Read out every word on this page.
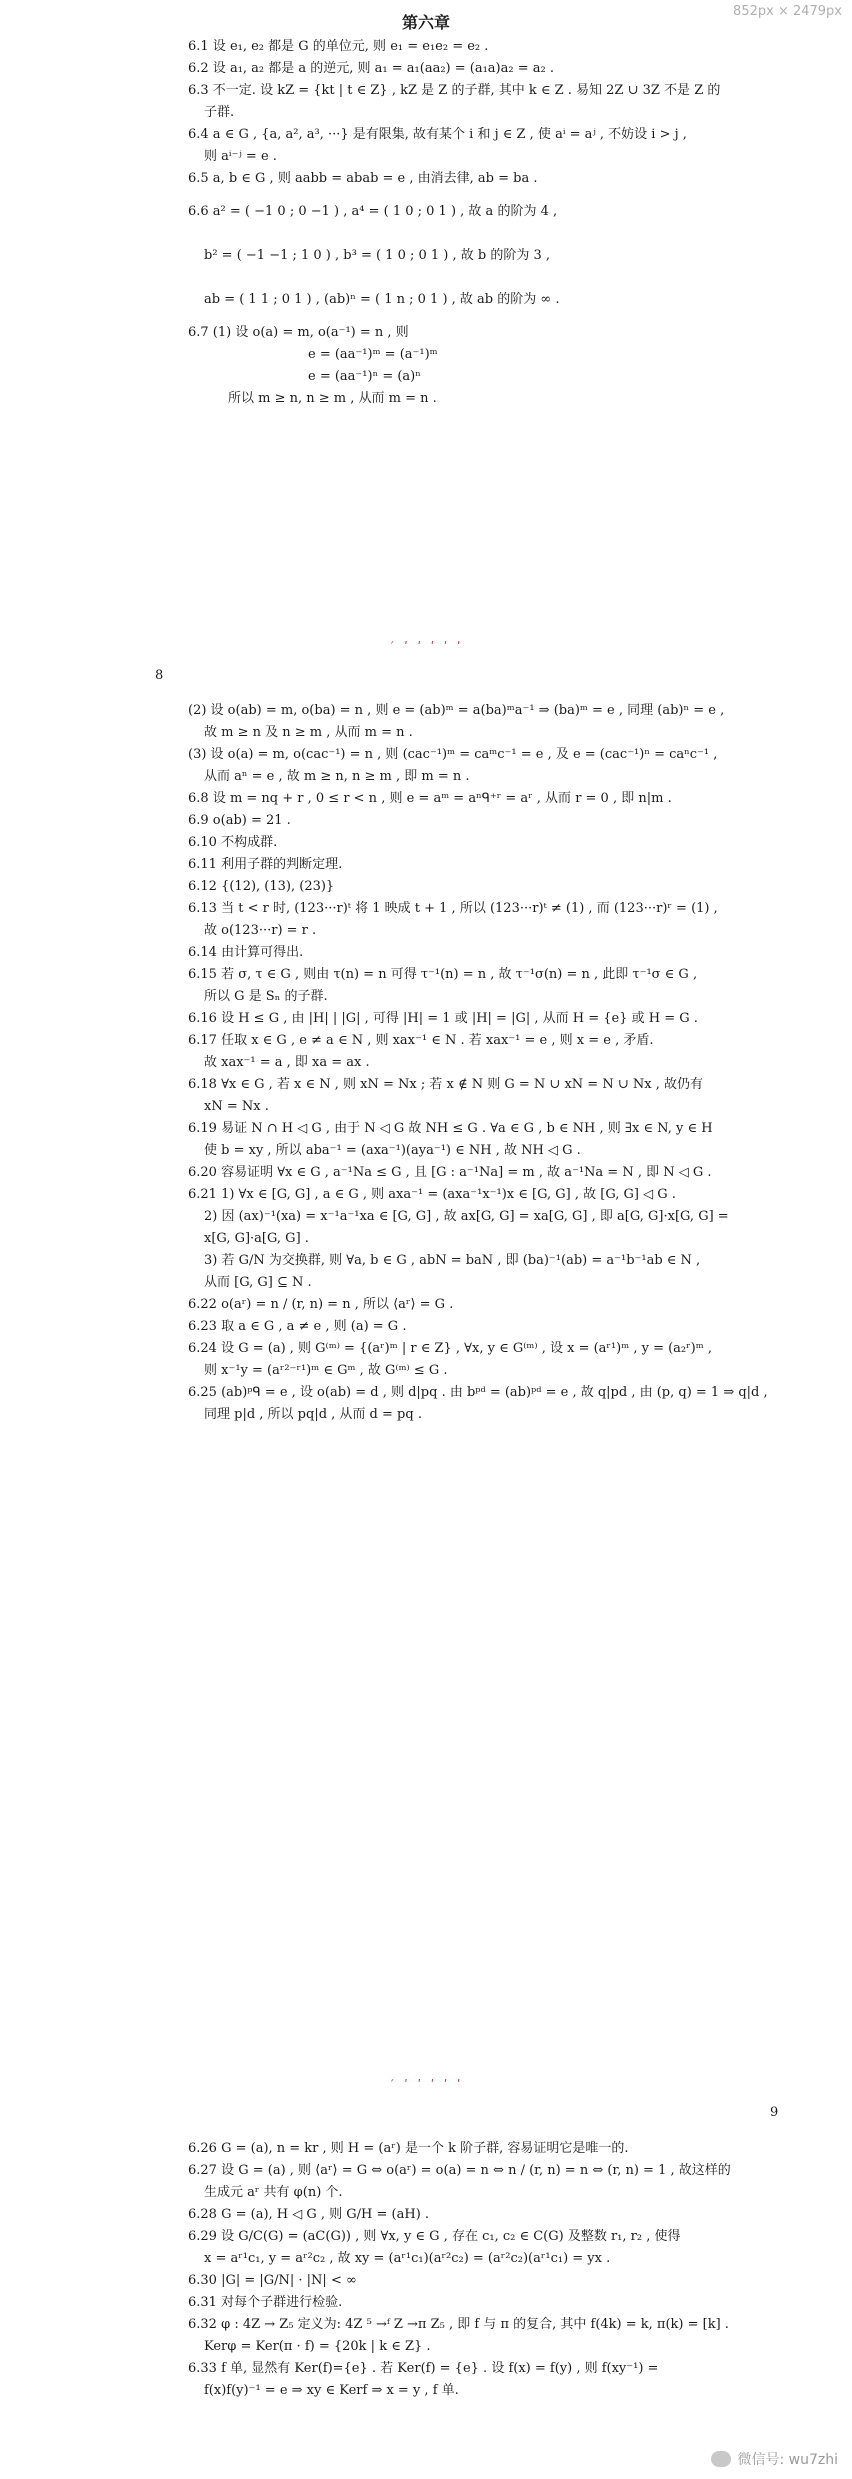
852px × 2479px
第六章
6.1 设 e₁, e₂ 都是 G 的单位元, 则 e₁ = e₁e₂ = e₂ .
6.2 设 a₁, a₂ 都是 a 的逆元, 则 a₁ = a₁(aa₂) = (a₁a)a₂ = a₂ .
6.3 不一定. 设 kZ = {kt | t ∈ Z} , kZ 是 Z 的子群, 其中 k ∈ Z . 易知 2Z ∪ 3Z 不是 Z 的
子群.
6.4 a ∈ G , {a, a², a³, ···} 是有限集, 故有某个 i 和 j ∈ Z , 使 aⁱ = aʲ , 不妨设 i > j ,
则 aⁱ⁻ʲ = e .
6.5 a, b ∈ G , 则 aabb = abab = e , 由消去律, ab = ba .
6.6 a² = ( −1 0 ; 0 −1 ) , a⁴ = ( 1 0 ; 0 1 ) , 故 a 的阶为 4 ,
b² = ( −1 −1 ; 1 0 ) , b³ = ( 1 0 ; 0 1 ) , 故 b 的阶为 3 ,
ab = ( 1 1 ; 0 1 ) , (ab)ⁿ = ( 1 n ; 0 1 ) , 故 ab 的阶为 ∞ .
6.7 (1) 设 o(a) = m, o(a⁻¹) = n , 则
e = (aa⁻¹)ᵐ = (a⁻¹)ᵐ
e = (aa⁻¹)ⁿ = (a)ⁿ
所以 m ≥ n, n ≥ m , 从而 m = n .
ˊ ʹ ʹ ʹ ʹ ʹ
8
(2) 设 o(ab) = m, o(ba) = n , 则 e = (ab)ᵐ = a(ba)ᵐa⁻¹ ⇒ (ba)ᵐ = e , 同理 (ab)ⁿ = e ,
故 m ≥ n 及 n ≥ m , 从而 m = n .
(3) 设 o(a) = m, o(cac⁻¹) = n , 则 (cac⁻¹)ᵐ = caᵐc⁻¹ = e , 及 e = (cac⁻¹)ⁿ = caⁿc⁻¹ ,
从而 aⁿ = e , 故 m ≥ n, n ≥ m , 即 m = n .
6.8 设 m = nq + r , 0 ≤ r < n , 则 e = aᵐ = aⁿᑫ⁺ʳ = aʳ , 从而 r = 0 , 即 n|m .
6.9 o(ab) = 21 .
6.10 不构成群.
6.11 利用子群的判断定理.
6.12 {(12), (13), (23)}
6.13 当 t < r 时, (123···r)ᵗ 将 1 映成 t + 1 , 所以 (123···r)ᵗ ≠ (1) , 而 (123···r)ʳ = (1) ,
故 o(123···r) = r .
6.14 由计算可得出.
6.15 若 σ, τ ∈ G , 则由 τ(n) = n 可得 τ⁻¹(n) = n , 故 τ⁻¹σ(n) = n , 此即 τ⁻¹σ ∈ G ,
所以 G 是 Sₙ 的子群.
6.16 设 H ≤ G , 由 |H| | |G| , 可得 |H| = 1 或 |H| = |G| , 从而 H = {e} 或 H = G .
6.17 任取 x ∈ G , e ≠ a ∈ N , 则 xax⁻¹ ∈ N . 若 xax⁻¹ = e , 则 x = e , 矛盾.
故 xax⁻¹ = a , 即 xa = ax .
6.18 ∀x ∈ G , 若 x ∈ N , 则 xN = Nx ; 若 x ∉ N 则 G = N ∪ xN = N ∪ Nx , 故仍有
xN = Nx .
6.19 易证 N ∩ H ◁ G , 由于 N ◁ G 故 NH ≤ G . ∀a ∈ G , b ∈ NH , 则 ∃x ∈ N, y ∈ H
使 b = xy , 所以 aba⁻¹ = (axa⁻¹)(aya⁻¹) ∈ NH , 故 NH ◁ G .
6.20 容易证明 ∀x ∈ G , a⁻¹Na ≤ G , 且 [G : a⁻¹Na] = m , 故 a⁻¹Na = N , 即 N ◁ G .
6.21 1) ∀x ∈ [G, G] , a ∈ G , 则 axa⁻¹ = (axa⁻¹x⁻¹)x ∈ [G, G] , 故 [G, G] ◁ G .
2) 因 (ax)⁻¹(xa) = x⁻¹a⁻¹xa ∈ [G, G] , 故 ax[G, G] = xa[G, G] , 即 a[G, G]·x[G, G] =
x[G, G]·a[G, G] .
3) 若 G/N 为交换群, 则 ∀a, b ∈ G , abN = baN , 即 (ba)⁻¹(ab) = a⁻¹b⁻¹ab ∈ N ,
从而 [G, G] ⊆ N .
6.22 o(aʳ) = n / (r, n) = n , 所以 ⟨aʳ⟩ = G .
6.23 取 a ∈ G , a ≠ e , 则 (a) = G .
6.24 设 G = (a) , 则 G⁽ᵐ⁾ = {(aʳ)ᵐ | r ∈ Z} , ∀x, y ∈ G⁽ᵐ⁾ , 设 x = (aʳ¹)ᵐ , y = (a₂ʳ)ᵐ ,
则 x⁻¹y = (aʳ²⁻ʳ¹)ᵐ ∈ Gᵐ , 故 G⁽ᵐ⁾ ≤ G .
6.25 (ab)ᵖᑫ = e , 设 o(ab) = d , 则 d|pq . 由 bᵖᵈ = (ab)ᵖᵈ = e , 故 q|pd , 由 (p, q) = 1 ⇒ q|d ,
同理 p|d , 所以 pq|d , 从而 d = pq .
ˊ ʹ ʹ ʹ ʹ ʹ
9
6.26 G = (a), n = kr , 则 H = (aʳ) 是一个 k 阶子群, 容易证明它是唯一的.
6.27 设 G = (a) , 则 ⟨aʳ⟩ = G ⇔ o(aʳ) = o(a) = n ⇔ n / (r, n) = n ⇔ (r, n) = 1 , 故这样的
生成元 aʳ 共有 φ(n) 个.
6.28 G = (a), H ◁ G , 则 G/H = (aH) .
6.29 设 G/C(G) = (aC(G)) , 则 ∀x, y ∈ G , 存在 c₁, c₂ ∈ C(G) 及整数 r₁, r₂ , 使得
x = aʳ¹c₁, y = aʳ²c₂ , 故 xy = (aʳ¹c₁)(aʳ²c₂) = (aʳ²c₂)(aʳ¹c₁) = yx .
6.30 |G| = |G/N| · |N| < ∞
6.31 对每个子群进行检验.
6.32 φ : 4Z → Z₅ 定义为: 4Z ⁵ →ᶠ Z →π Z₅ , 即 f 与 π 的复合, 其中 f(4k) = k, π(k) = [k] .
Kerφ = Ker(π · f) = {20k | k ∈ Z} .
6.33 f 单, 显然有 Ker(f)={e} . 若 Ker(f) = {e} . 设 f(x) = f(y) , 则 f(xy⁻¹) =
f(x)f(y)⁻¹ = e ⇒ xy ∈ Kerf ⇒ x = y , f 单.
微信号: wu7zhi
